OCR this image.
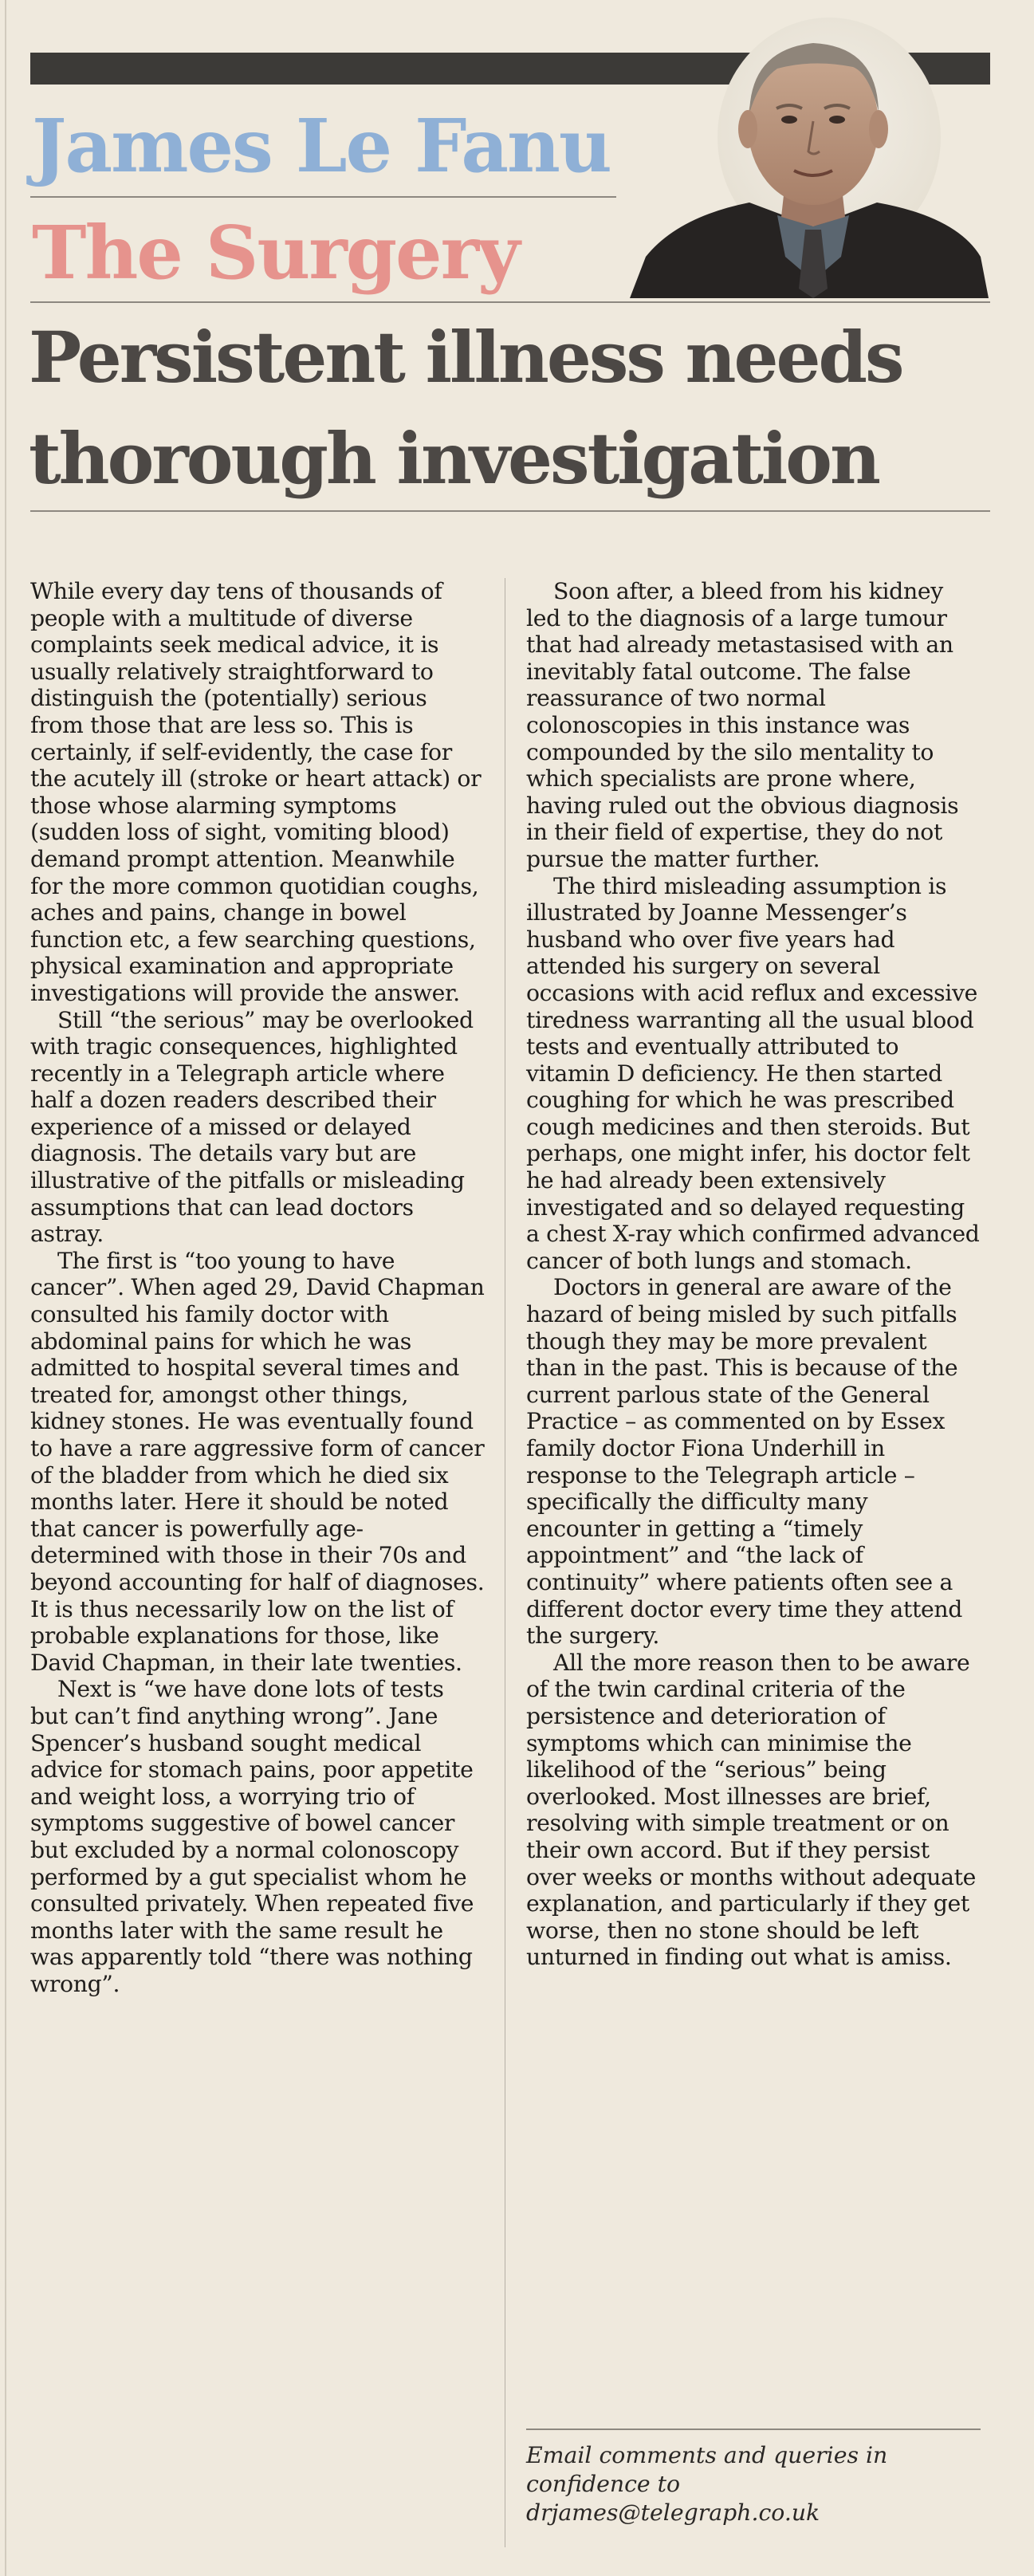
James Le Fanu
The Surgery
Persistent illness needs
thorough investigation

While every day tens of thousands of people with a multitude of diverse complaints seek medical advice, it is usually relatively straightforward to distinguish the (potentially) serious from those that are less so. This is certainly, if self-evidently, the case for the acutely ill (stroke or heart attack) or those whose alarming symptoms (sudden loss of sight, vomiting blood) demand prompt attention. Meanwhile for the more common quotidian coughs, aches and pains, change in bowel function etc, a few searching questions, physical examination and appropriate investigations will provide the answer.

Still “the serious” may be overlooked with tragic consequences, highlighted recently in a Telegraph article where half a dozen readers described their experience of a missed or delayed diagnosis. The details vary but are illustrative of the pitfalls or misleading assumptions that can lead doctors astray.

The first is “too young to have cancer”. When aged 29, David Chapman consulted his family doctor with abdominal pains for which he was admitted to hospital several times and treated for, amongst other things, kidney stones. He was eventually found to have a rare aggressive form of cancer of the bladder from which he died six months later. Here it should be noted that cancer is powerfully age-determined with those in their 70s and beyond accounting for half of diagnoses. It is thus necessarily low on the list of probable explanations for those, like David Chapman, in their late twenties.

Next is “we have done lots of tests but can’t find anything wrong”. Jane Spencer’s husband sought medical advice for stomach pains, poor appetite and weight loss, a worrying trio of symptoms suggestive of bowel cancer but excluded by a normal colonoscopy performed by a gut specialist whom he consulted privately. When repeated five months later with the same result he was apparently told “there was nothing wrong”.

Soon after, a bleed from his kidney led to the diagnosis of a large tumour that had already metastasised with an inevitably fatal outcome. The false reassurance of two normal colonoscopies in this instance was compounded by the silo mentality to which specialists are prone where, having ruled out the obvious diagnosis in their field of expertise, they do not pursue the matter further.

The third misleading assumption is illustrated by Joanne Messenger’s husband who over five years had attended his surgery on several occasions with acid reflux and excessive tiredness warranting all the usual blood tests and eventually attributed to vitamin D deficiency. He then started coughing for which he was prescribed cough medicines and then steroids. But perhaps, one might infer, his doctor felt he had already been extensively investigated and so delayed requesting a chest X-ray which confirmed advanced cancer of both lungs and stomach.

Doctors in general are aware of the hazard of being misled by such pitfalls though they may be more prevalent than in the past. This is because of the current parlous state of the General Practice – as commented on by Essex family doctor Fiona Underhill in response to the Telegraph article – specifically the difficulty many encounter in getting a “timely appointment” and “the lack of continuity” where patients often see a different doctor every time they attend the surgery.

All the more reason then to be aware of the twin cardinal criteria of the persistence and deterioration of symptoms which can minimise the likelihood of the “serious” being overlooked. Most illnesses are brief, resolving with simple treatment or on their own accord. But if they persist over weeks or months without adequate explanation, and particularly if they get worse, then no stone should be left unturned in finding out what is amiss.

Email comments and queries in confidence to drjames@telegraph.co.uk
